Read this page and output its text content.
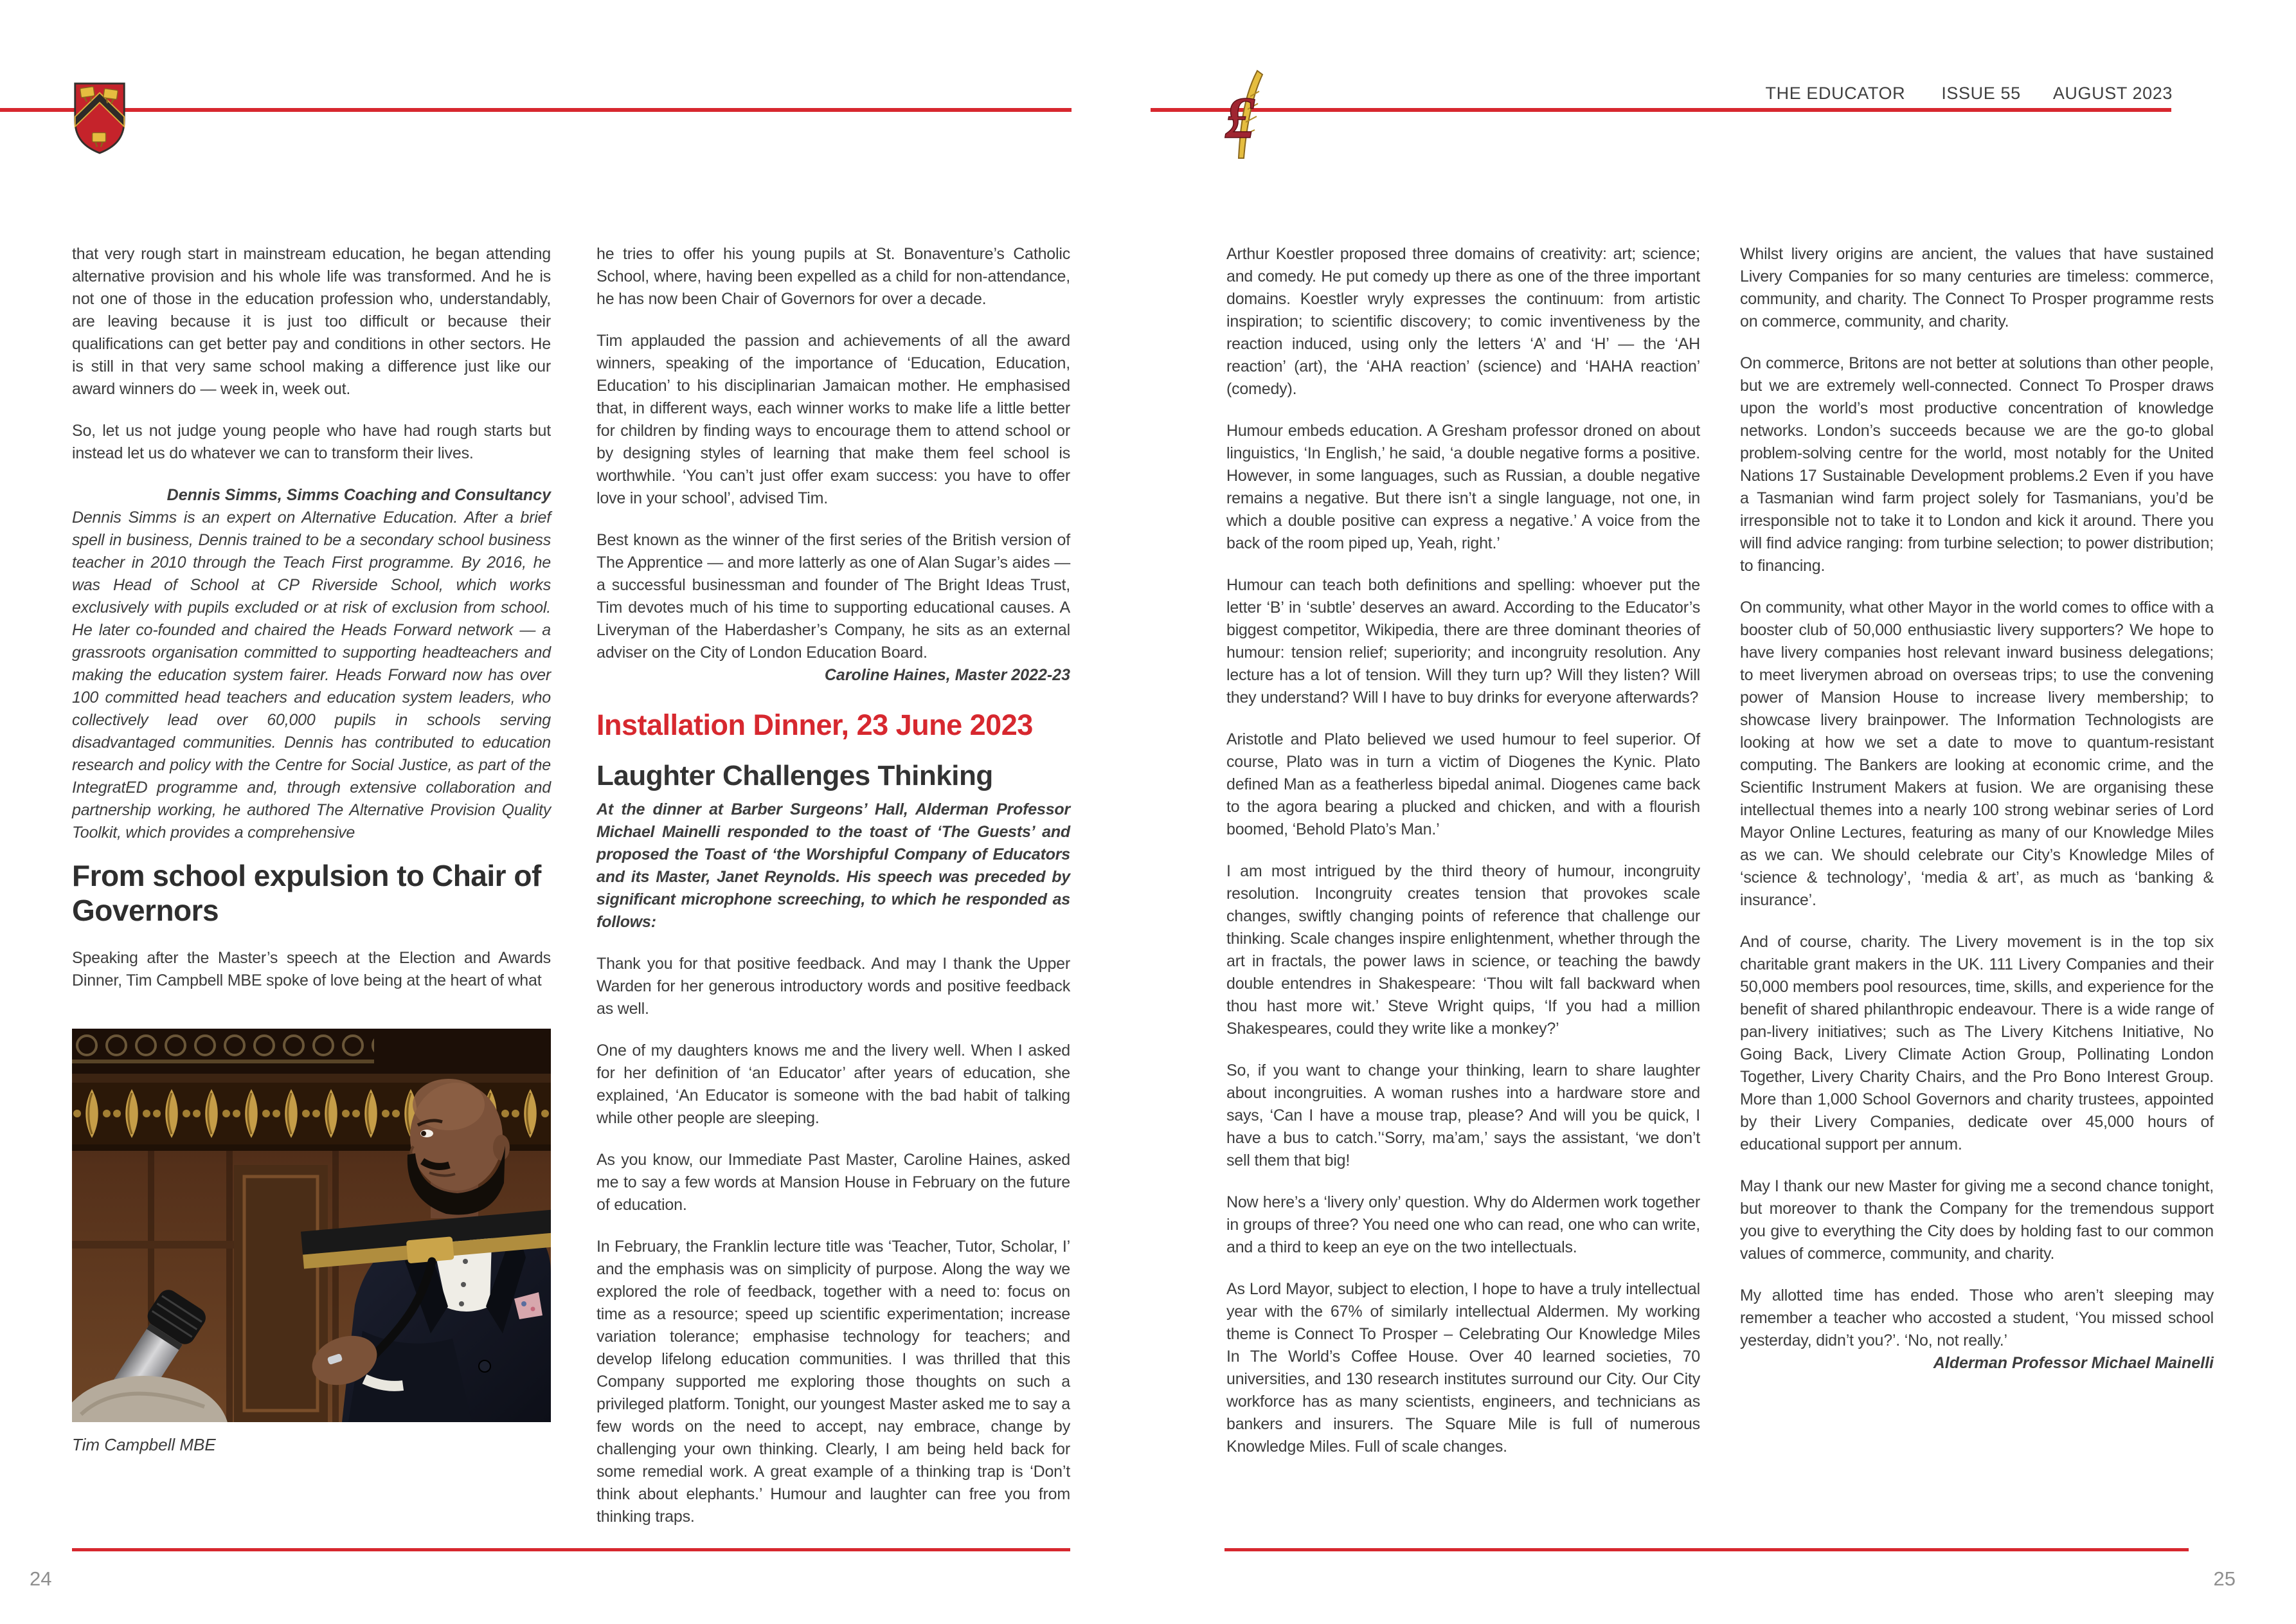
£	THE EDUCATOR ISSUE 55 AUGUST 2023

that very rough start in mainstream education, he began attending alternative provision and his whole life was transformed. And he is not one of those in the education profession who, understandably, are leaving because it is just too difficult or because their qualifications can get better pay and conditions in other sectors. He is still in that very same school making a difference just like our award winners do — week in, week out.

So, let us not judge young people who have had rough starts but instead let us do whatever we can to transform their lives.

Dennis Simms, Simms Coaching and Consultancy

Dennis Simms is an expert on Alternative Education. After a brief spell in business, Dennis trained to be a secondary school business teacher in 2010 through the Teach First programme. By 2016, he was Head of School at CP Riverside School, which works exclusively with pupils excluded or at risk of exclusion from school. He later co-founded and chaired the Heads Forward network — a grassroots organisation committed to supporting headteachers and making the education system fairer. Heads Forward now has over 100 committed head teachers and education system leaders, who collectively lead over 60,000 pupils in schools serving disadvantaged communities. Dennis has contributed to education research and policy with the Centre for Social Justice, as part of the IntegratED programme and, through extensive collaboration and partnership working, he authored The Alternative Provision Quality Toolkit, which provides a comprehensive

From school expulsion to Chair of Governors

Speaking after the Master’s speech at the Election and Awards Dinner, Tim Campbell MBE spoke of love being at the heart of what

Tim Campbell MBE

he tries to offer his young pupils at St. Bonaventure’s Catholic School, where, having been expelled as a child for non-attendance, he has now been Chair of Governors for over a decade.

Tim applauded the passion and achievements of all the award winners, speaking of the importance of ‘Education, Education, Education’ to his disciplinarian Jamaican mother. He emphasised that, in different ways, each winner works to make life a little better for children by finding ways to encourage them to attend school or by designing styles of learning that make them feel school is worthwhile. ‘You can’t just offer exam success: you have to offer love in your school’, advised Tim.

Best known as the winner of the first series of the British version of The Apprentice — and more latterly as one of Alan Sugar’s aides — a successful businessman and founder of The Bright Ideas Trust, Tim devotes much of his time to supporting educational causes. A Liveryman of the Haberdasher’s Company, he sits as an external adviser on the City of London Education Board.

Caroline Haines, Master 2022-23

Installation Dinner, 23 June 2023
Laughter Challenges Thinking

At the dinner at Barber Surgeons’ Hall, Alderman Professor Michael Mainelli responded to the toast of ‘The Guests’ and proposed the Toast of ‘the Worshipful Company of Educators and its Master, Janet Reynolds. His speech was preceded by significant microphone screeching, to which he responded as follows:

Thank you for that positive feedback. And may I thank the Upper Warden for her generous introductory words and positive feedback as well.

One of my daughters knows me and the livery well. When I asked for her definition of ‘an Educator’ after years of education, she explained, ‘An Educator is someone with the bad habit of talking while other people are sleeping.

As you know, our Immediate Past Master, Caroline Haines, asked me to say a few words at Mansion House in February on the future of education.

In February, the Franklin lecture title was ‘Teacher, Tutor, Scholar, I’ and the emphasis was on simplicity of purpose. Along the way we explored the role of feedback, together with a need to: focus on time as a resource; speed up scientific experimentation; increase variation tolerance; emphasise technology for teachers; and develop lifelong education communities. I was thrilled that this Company supported me exploring those thoughts on such a privileged platform. Tonight, our youngest Master asked me to say a few words on the need to accept, nay embrace, change by challenging your own thinking. Clearly, I am being held back for some remedial work. A great example of a thinking trap is ‘Don’t think about elephants.’ Humour and laughter can free you from thinking traps.

Arthur Koestler proposed three domains of creativity: art; science; and comedy. He put comedy up there as one of the three important domains. Koestler wryly expresses the continuum: from artistic inspiration; to scientific discovery; to comic inventiveness by the reaction induced, using only the letters ‘A’ and ‘H’ — the ‘AH reaction’ (art), the ‘AHA reaction’ (science) and ‘HAHA reaction’ (comedy).

Humour embeds education. A Gresham professor droned on about linguistics, ‘In English,’ he said, ‘a double negative forms a positive. However, in some languages, such as Russian, a double negative remains a negative. But there isn’t a single language, not one, in which a double positive can express a negative.’ A voice from the back of the room piped up, Yeah, right.’

Humour can teach both definitions and spelling: whoever put the letter ‘B’ in ‘subtle’ deserves an award. According to the Educator’s biggest competitor, Wikipedia, there are three dominant theories of humour: tension relief; superiority; and incongruity resolution. Any lecture has a lot of tension. Will they turn up? Will they listen? Will they understand? Will I have to buy drinks for everyone afterwards?

Aristotle and Plato believed we used humour to feel superior. Of course, Plato was in turn a victim of Diogenes the Kynic. Plato defined Man as a featherless bipedal animal. Diogenes came back to the agora bearing a plucked and chicken, and with a flourish boomed, ‘Behold Plato’s Man.’

I am most intrigued by the third theory of humour, incongruity resolution. Incongruity creates tension that provokes scale changes, swiftly changing points of reference that challenge our thinking. Scale changes inspire enlightenment, whether through the art in fractals, the power laws in science, or teaching the bawdy double entendres in Shakespeare: ‘Thou wilt fall backward when thou hast more wit.’ Steve Wright quips, ‘If you had a million Shakespeares, could they write like a monkey?’

So, if you want to change your thinking, learn to share laughter about incongruities. A woman rushes into a hardware store and says, ‘Can I have a mouse trap, please? And will you be quick, I have a bus to catch.’‘Sorry, ma’am,’ says the assistant, ‘we don’t sell them that big!

Now here’s a ‘livery only’ question. Why do Aldermen work together in groups of three? You need one who can read, one who can write, and a third to keep an eye on the two intellectuals.

As Lord Mayor, subject to election, I hope to have a truly intellectual year with the 67% of similarly intellectual Aldermen. My working theme is Connect To Prosper – Celebrating Our Knowledge Miles In The World’s Coffee House. Over 40 learned societies, 70 universities, and 130 research institutes surround our City. Our City workforce has as many scientists, engineers, and technicians as bankers and insurers. The Square Mile is full of numerous Knowledge Miles. Full of scale changes.

Whilst livery origins are ancient, the values that have sustained Livery Companies for so many centuries are timeless: commerce, community, and charity. The Connect To Prosper programme rests on commerce, community, and charity.

On commerce, Britons are not better at solutions than other people, but we are extremely well-connected. Connect To Prosper draws upon the world’s most productive concentration of knowledge networks. London’s succeeds because we are the go-to global problem-solving centre for the world, most notably for the United Nations 17 Sustainable Development problems.2 Even if you have a Tasmanian wind farm project solely for Tasmanians, you’d be irresponsible not to take it to London and kick it around. There you will find advice ranging: from turbine selection; to power distribution; to financing.

On community, what other Mayor in the world comes to office with a booster club of 50,000 enthusiastic livery supporters? We hope to have livery companies host relevant inward business delegations; to meet liverymen abroad on overseas trips; to use the convening power of Mansion House to increase livery membership; to showcase livery brainpower. The Information Technologists are looking at how we set a date to move to quantum-resistant computing. The Bankers are looking at economic crime, and the Scientific Instrument Makers at fusion. We are organising these intellectual themes into a nearly 100 strong webinar series of Lord Mayor Online Lectures, featuring as many of our Knowledge Miles as we can. We should celebrate our City’s Knowledge Miles of ‘science & technology’, ‘media & art’, as much as ‘banking & insurance’.

And of course, charity. The Livery movement is in the top six charitable grant makers in the UK. 111 Livery Companies and their 50,000 members pool resources, time, skills, and experience for the benefit of shared philanthropic endeavour. There is a wide range of pan-livery initiatives; such as The Livery Kitchens Initiative, No Going Back, Livery Climate Action Group, Pollinating London Together, Livery Charity Chairs, and the Pro Bono Interest Group. More than 1,000 School Governors and charity trustees, appointed by their Livery Companies, dedicate over 45,000 hours of educational support per annum.

May I thank our new Master for giving me a second chance tonight, but moreover to thank the Company for the tremendous support you give to everything the City does by holding fast to our common values of commerce, community, and charity.

My allotted time has ended. Those who aren’t sleeping may remember a teacher who accosted a student, ‘You missed school yesterday, didn’t you?’. ‘No, not really.’

Alderman Professor Michael Mainelli

24	25
